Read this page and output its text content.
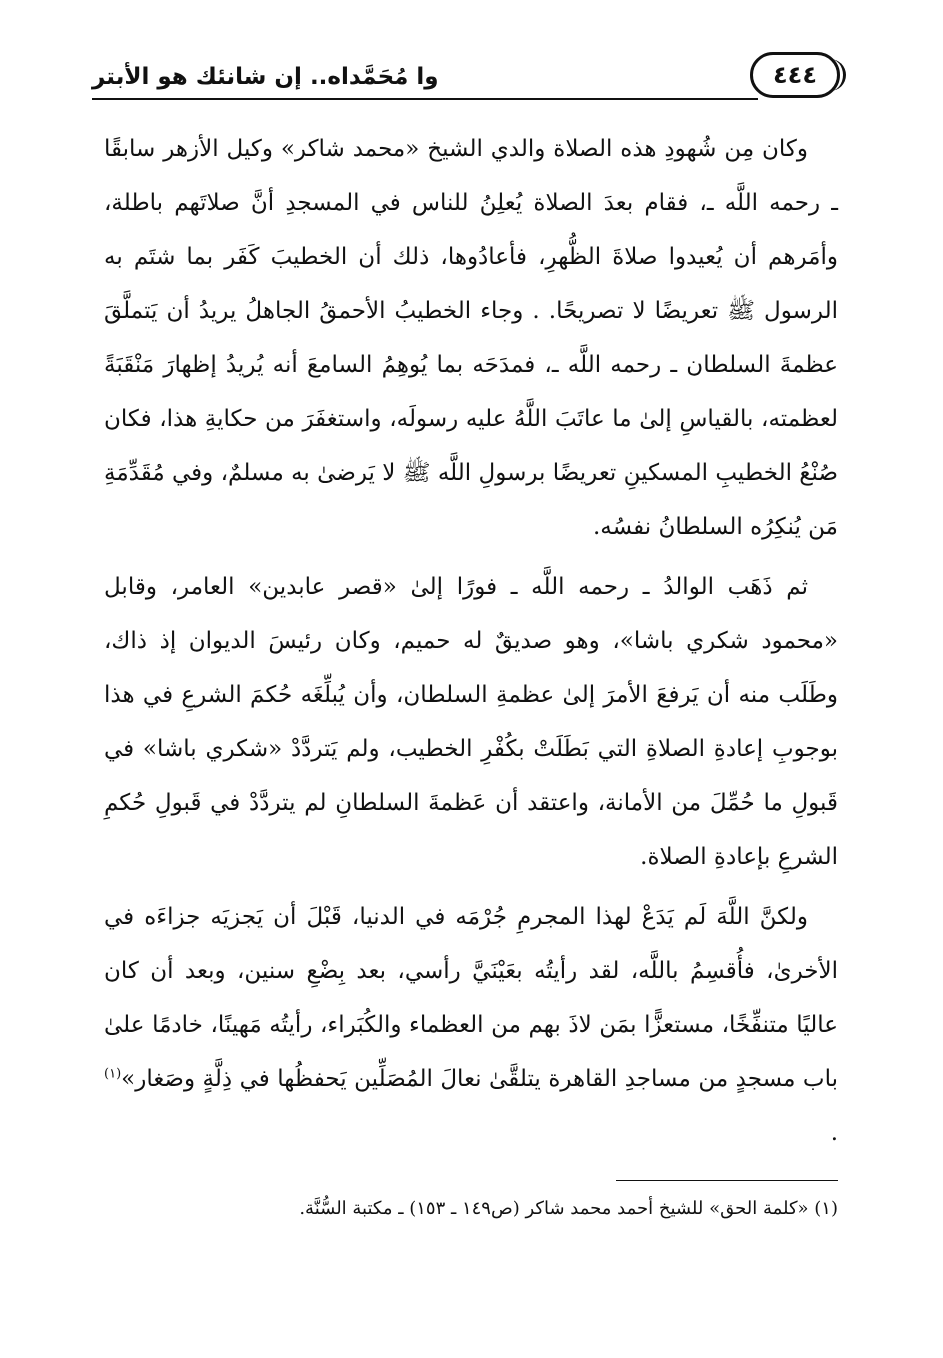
٤٤٤
وا مُحَمَّداه.. إن شانئك هو الأبتر

وكان مِن شُهودِ هذه الصلاة والدي الشيخ «محمد شاكر» وكيل الأزهر سابقًا ـ رحمه اللَّه ـ، فقام بعدَ الصلاة يُعلِنُ للناس في المسجدِ أنَّ صلاتَهم باطلة، وأمَرهم أن يُعيدوا صلاةَ الظُّهرِ، فأعادُوها، ذلك أن الخطيبَ كَفَر بما شتَم به الرسول ﷺ تعريضًا لا تصريحًا. . وجاء الخطيبُ الأحمقُ الجاهلُ يريدُ أن يَتملَّقَ عظمةَ السلطان ـ رحمه اللَّه ـ، فمدَحَه بما يُوهِمُ السامعَ أنه يُريدُ إظهارَ مَنْقَبَةً لعظمته، بالقياسِ إلىٰ ما عاتَبَ اللَّهُ عليه رسولَه، واستغفَرَ من حكايةِ هذا، فكان صُنْعُ الخطيبِ المسكينِ تعريضًا برسولِ اللَّه ﷺ لا يَرضىٰ به مسلمٌ، وفي مُقَدِّمَةِ مَن يُنكِرُه السلطانُ نفسُه.

ثم ذَهَب الوالدُ ـ رحمه اللَّه ـ فورًا إلىٰ «قصر عابدين» العامر، وقابل «محمود شكري باشا»، وهو صديقٌ له حميم، وكان رئيسَ الديوان إذ ذاك، وطَلَب منه أن يَرفعَ الأمرَ إلىٰ عظمةِ السلطان، وأن يُبلِّغَه حُكمَ الشرعِ في هذا بوجوبِ إعادةِ الصلاةِ التي بَطَلَتْ بكُفْرِ الخطيب، ولم يَتردَّدْ «شكري باشا» في قَبولِ ما حُمِّلَ من الأمانة، واعتقد أن عَظمةَ السلطانِ لم يتردَّدْ في قَبولِ حُكمِ الشرعِ بإعادةِ الصلاة.

ولكنَّ اللَّهَ لَم يَدَعْ لهذا المجرمِ جُرْمَه في الدنيا، قَبْلَ أن يَجزيَه جزاءَه في الأخرىٰ، فأُقسِمُ باللَّه، لقد رأيتُه بعَيْنَيَّ رأسي، بعد بِضْعِ سنين، وبعد أن كان عاليًا متنفِّخًا، مستعزًّا بمَن لاذَ بهم من العظماء والكُبَراء، رأيتُه مَهينًا، خادمًا علىٰ باب مسجدٍ من مساجدِ القاهرة يتلقَّىٰ نعالَ المُصَلِّين يَحفظُها في ذِلَّةٍ وصَغار»$^{(١)}$ .

(١) «كلمة الحق» للشيخ أحمد محمد شاكر (ص١٤٩ ـ ١٥٣) ـ مكتبة السُّنَّة.
